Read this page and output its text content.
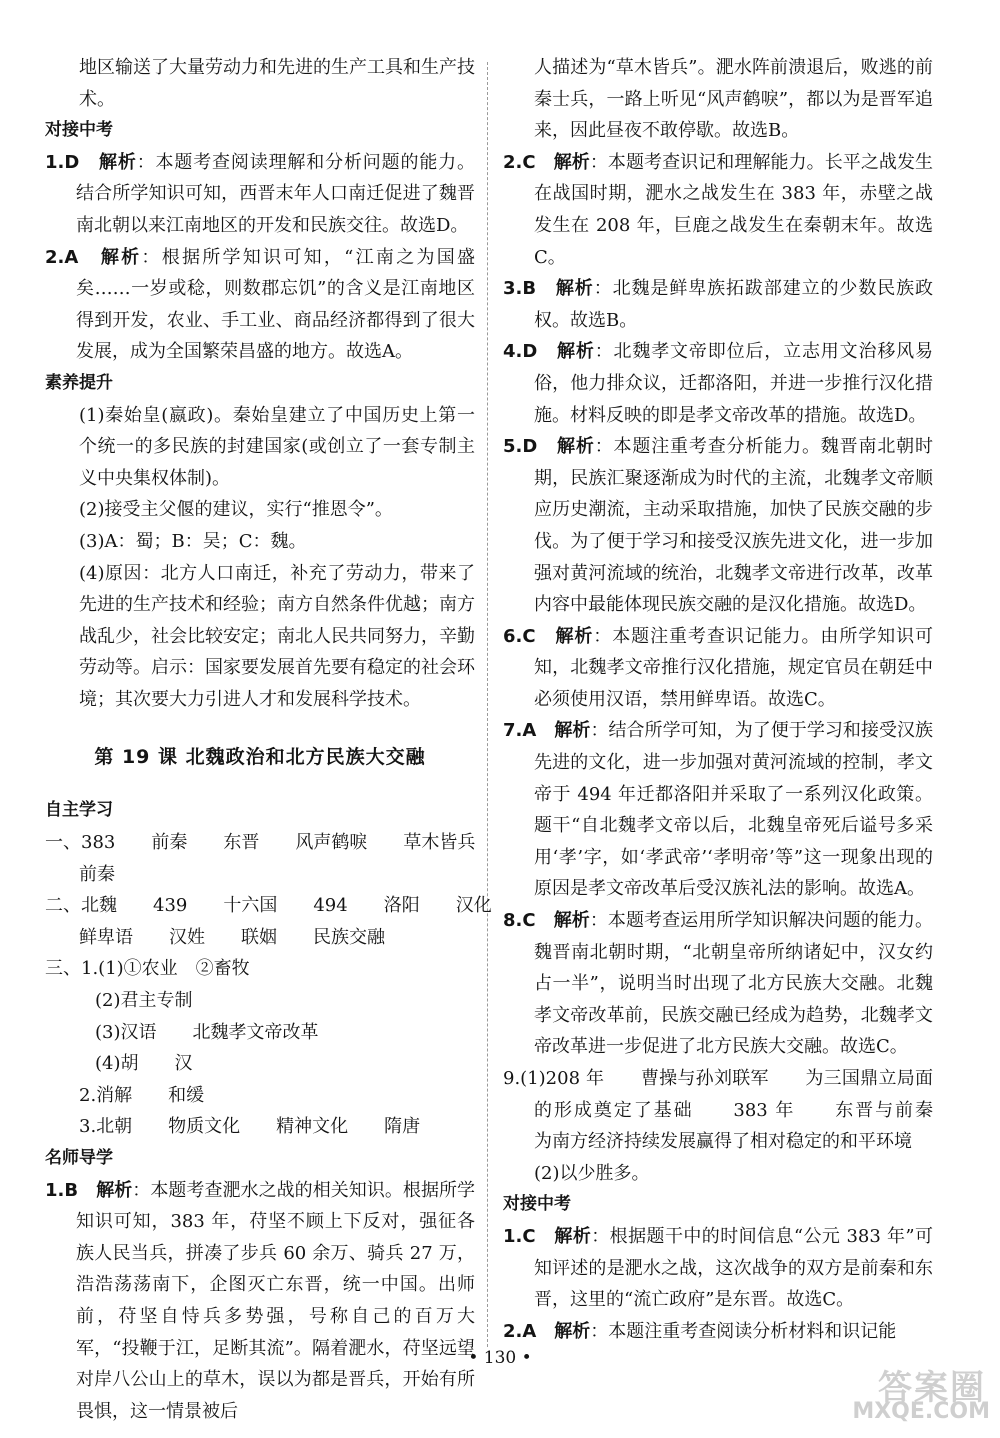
地区输送了大量劳动力和先进的生产工具和生产技术。

对接中考

1.D　 解析：本题考查阅读理解和分析问题的能力。结合所学知识可知，西晋末年人口南迁促进了魏晋南北朝以来江南地区的开发和民族交往。故选D。

2.A　 解析：根据所学知识可知，“江南之为国盛矣……一岁或稔，则数郡忘饥”的含义是江南地区得到开发，农业、手工业、商品经济都得到了很大发展，成为全国繁荣昌盛的地方。故选A。

素养提升

(1)秦始皇(嬴政)。秦始皇建立了中国历史上第一个统一的多民族的封建国家(或创立了一套专制主义中央集权体制)。

(2)接受主父偃的建议，实行“推恩令”。

(3)A：蜀；B：吴；C：魏。

(4)原因：北方人口南迁，补充了劳动力，带来了先进的生产技术和经验；南方自然条件优越；南方战乱少，社会比较安定；南北人民共同努力，辛勤劳动等。启示：国家要发展首先要有稳定的社会环境；其次要大力引进人才和发展科学技术。

第 19 课 北魏政治和北方民族大交融

自主学习

一、383　　前秦　　东晋　　风声鹤唳　　草木皆兵

前秦

二、北魏　　439　　十六国　　494　　洛阳　　汉化

鲜卑语　　汉姓　　联姻　　民族交融

三、1.(1)①农业　②畜牧

(2)君主专制

(3)汉语　　北魏孝文帝改革

(4)胡　　汉

2.消解　　和缓

3.北朝　　物质文化　　精神文化　　隋唐

名师导学

1.B　 解析：本题考查淝水之战的相关知识。根据所学知识可知，383 年，苻坚不顾上下反对，强征各族人民当兵，拼凑了步兵 60 余万、骑兵 27 万，浩浩荡荡南下，企图灭亡东晋，统一中国。出师前，苻坚自恃兵多势强，号称自己的百万大军，“投鞭于江，足断其流”。隔着淝水，苻坚远望对岸八公山上的草木，误以为都是晋兵，开始有所畏惧，这一情景被后

人描述为“草木皆兵”。淝水阵前溃退后，败逃的前秦士兵，一路上听见“风声鹤唳”，都以为是晋军追来，因此昼夜不敢停歇。故选B。

2.C　 解析：本题考查识记和理解能力。长平之战发生在战国时期，淝水之战发生在 383 年，赤壁之战发生在 208 年，巨鹿之战发生在秦朝末年。故选C。

3.B　 解析：北魏是鲜卑族拓跋部建立的少数民族政权。故选B。

4.D　 解析：北魏孝文帝即位后，立志用文治移风易俗，他力排众议，迁都洛阳，并进一步推行汉化措施。材料反映的即是孝文帝改革的措施。故选D。

5.D　 解析：本题注重考查分析能力。魏晋南北朝时期，民族汇聚逐渐成为时代的主流，北魏孝文帝顺应历史潮流，主动采取措施，加快了民族交融的步伐。为了便于学习和接受汉族先进文化，进一步加强对黄河流域的统治，北魏孝文帝进行改革，改革内容中最能体现民族交融的是汉化措施。故选D。

6.C　 解析：本题注重考查识记能力。由所学知识可知，北魏孝文帝推行汉化措施，规定官员在朝廷中必须使用汉语，禁用鲜卑语。故选C。

7.A　 解析：结合所学可知，为了便于学习和接受汉族先进的文化，进一步加强对黄河流域的控制，孝文帝于 494 年迁都洛阳并采取了一系列汉化政策。题干“自北魏孝文帝以后，北魏皇帝死后谥号多采用‘孝’字，如‘孝武帝’‘孝明帝’等”这一现象出现的原因是孝文帝改革后受汉族礼法的影响。故选A。

8.C　 解析：本题考查运用所学知识解决问题的能力。魏晋南北朝时期，“北朝皇帝所纳诸妃中，汉女约占一半”，说明当时出现了北方民族大交融。北魏孝文帝改革前，民族交融已经成为趋势，北魏孝文帝改革进一步促进了北方民族大交融。故选C。

9.(1)208 年　　曹操与孙刘联军　　为三国鼎立局面的形成奠定了基础　　383 年　　东晋与前秦　　为南方经济持续发展赢得了相对稳定的和平环境

(2)以少胜多。

对接中考

1.C　 解析：根据题干中的时间信息“公元 383 年”可知评述的是淝水之战，这次战争的双方是前秦和东晋，这里的“流亡政府”是东晋。故选C。

2.A　 解析：本题注重考查阅读分析材料和识记能

• 130 •
答案圈
MXQE.COM
